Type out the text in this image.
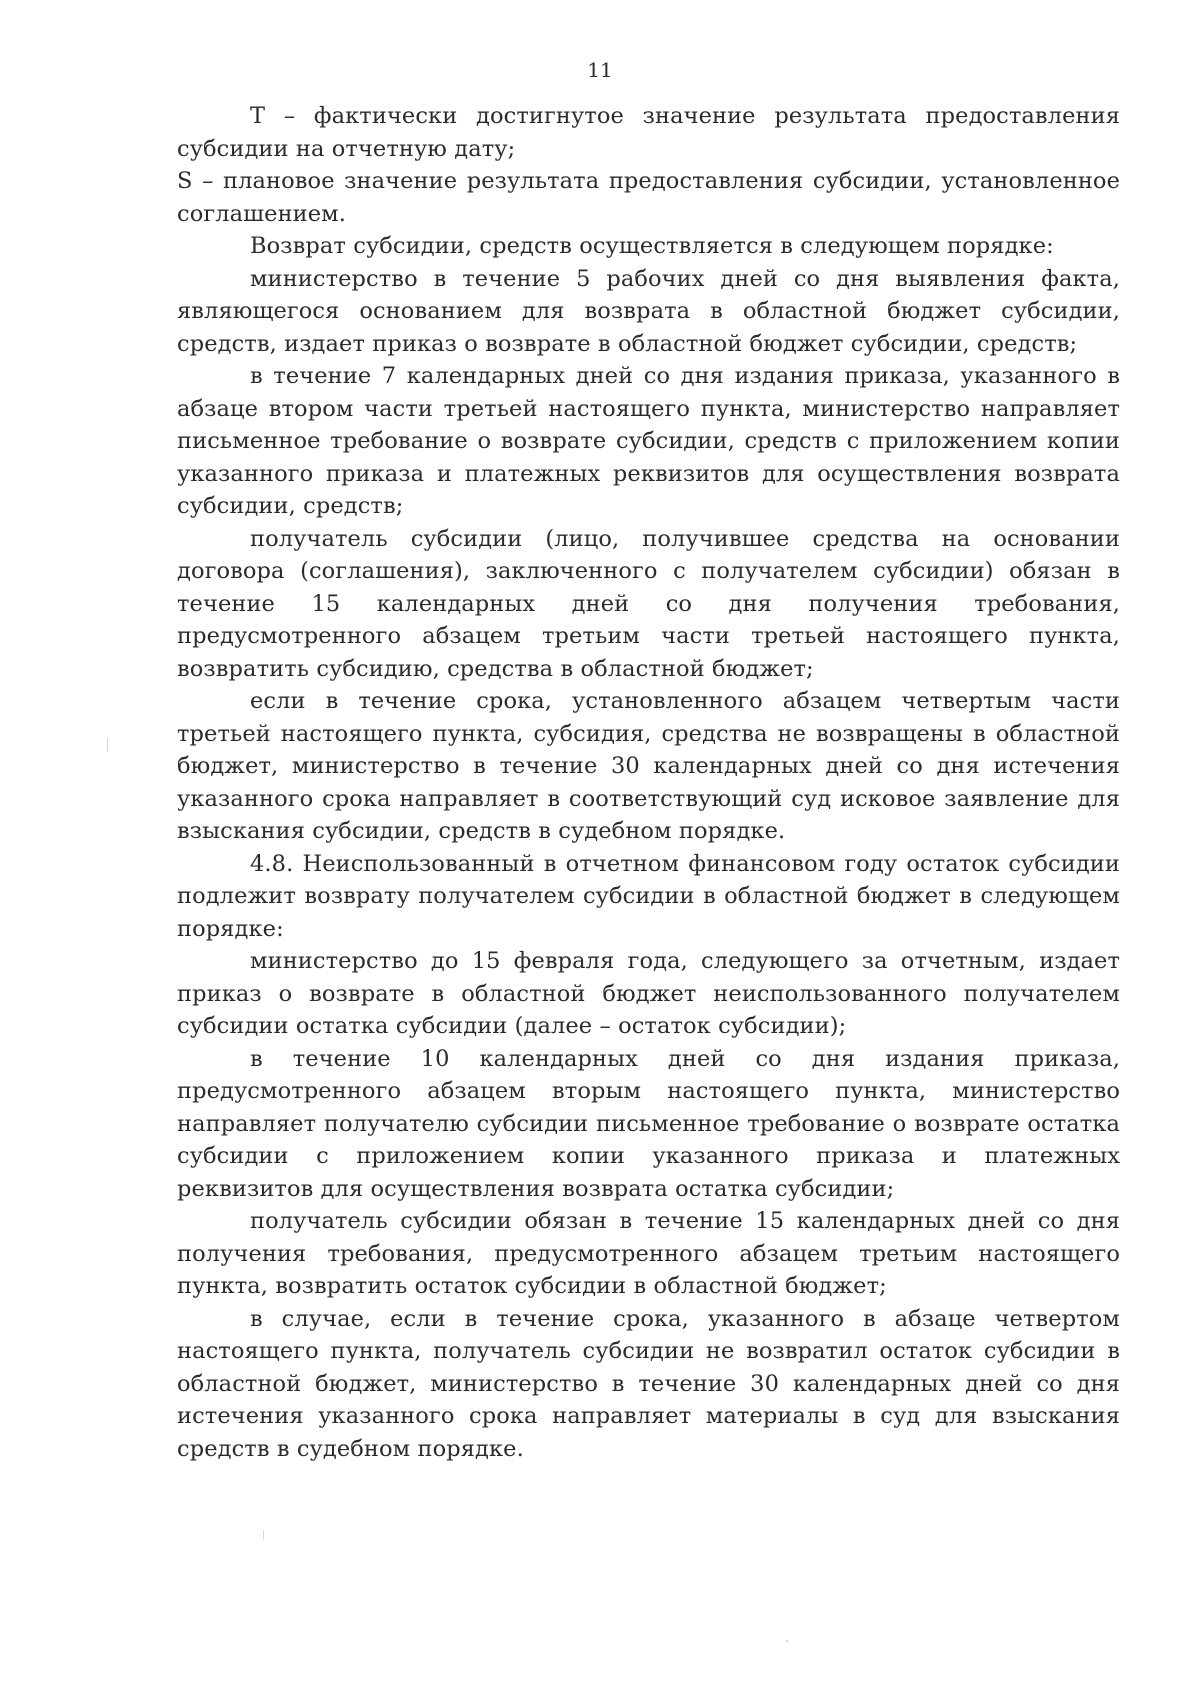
11

T – фактически достигнутое значение результата предоставления субсидии на отчетную дату;

S – плановое значение результата предоставления субсидии, установленное соглашением.

Возврат субсидии, средств осуществляется в следующем порядке:

министерство в течение 5 рабочих дней со дня выявления факта, являющегося основанием для возврата в областной бюджет субсидии, средств, издает приказ о возврате в областной бюджет субсидии, средств;

в течение 7 календарных дней со дня издания приказа, указанного в абзаце втором части третьей настоящего пункта, министерство направляет письменное требование о возврате субсидии, средств с приложением копии указанного приказа и платежных реквизитов для осуществления возврата субсидии, средств;

получатель субсидии (лицо, получившее средства на основании договора (соглашения), заключенного с получателем субсидии) обязан в течение 15 календарных дней со дня получения требования, предусмотренного абзацем третьим части третьей настоящего пункта, возвратить субсидию, средства в областной бюджет;

если в течение срока, установленного абзацем четвертым части третьей настоящего пункта, субсидия, средства не возвращены в областной бюджет, министерство в течение 30 календарных дней со дня истечения указанного срока направляет в соответствующий суд исковое заявление для взыскания субсидии, средств в судебном порядке.

4.8. Неиспользованный в отчетном финансовом году остаток субсидии подлежит возврату получателем субсидии в областной бюджет в следующем порядке:

министерство до 15 февраля года, следующего за отчетным, издает приказ о возврате в областной бюджет неиспользованного получателем субсидии остатка субсидии (далее – остаток субсидии);

в течение 10 календарных дней со дня издания приказа, предусмотренного абзацем вторым настоящего пункта, министерство направляет получателю субсидии письменное требование о возврате остатка субсидии с приложением копии указанного приказа и платежных реквизитов для осуществления возврата остатка субсидии;

получатель субсидии обязан в течение 15 календарных дней со дня получения требования, предусмотренного абзацем третьим настоящего пункта, возвратить остаток субсидии в областной бюджет;

в случае, если в течение срока, указанного в абзаце четвертом настоящего пункта, получатель субсидии не возвратил остаток субсидии в областной бюджет, министерство в течение 30 календарных дней со дня истечения указанного срока направляет материалы в суд для взыскания средств в судебном порядке.
